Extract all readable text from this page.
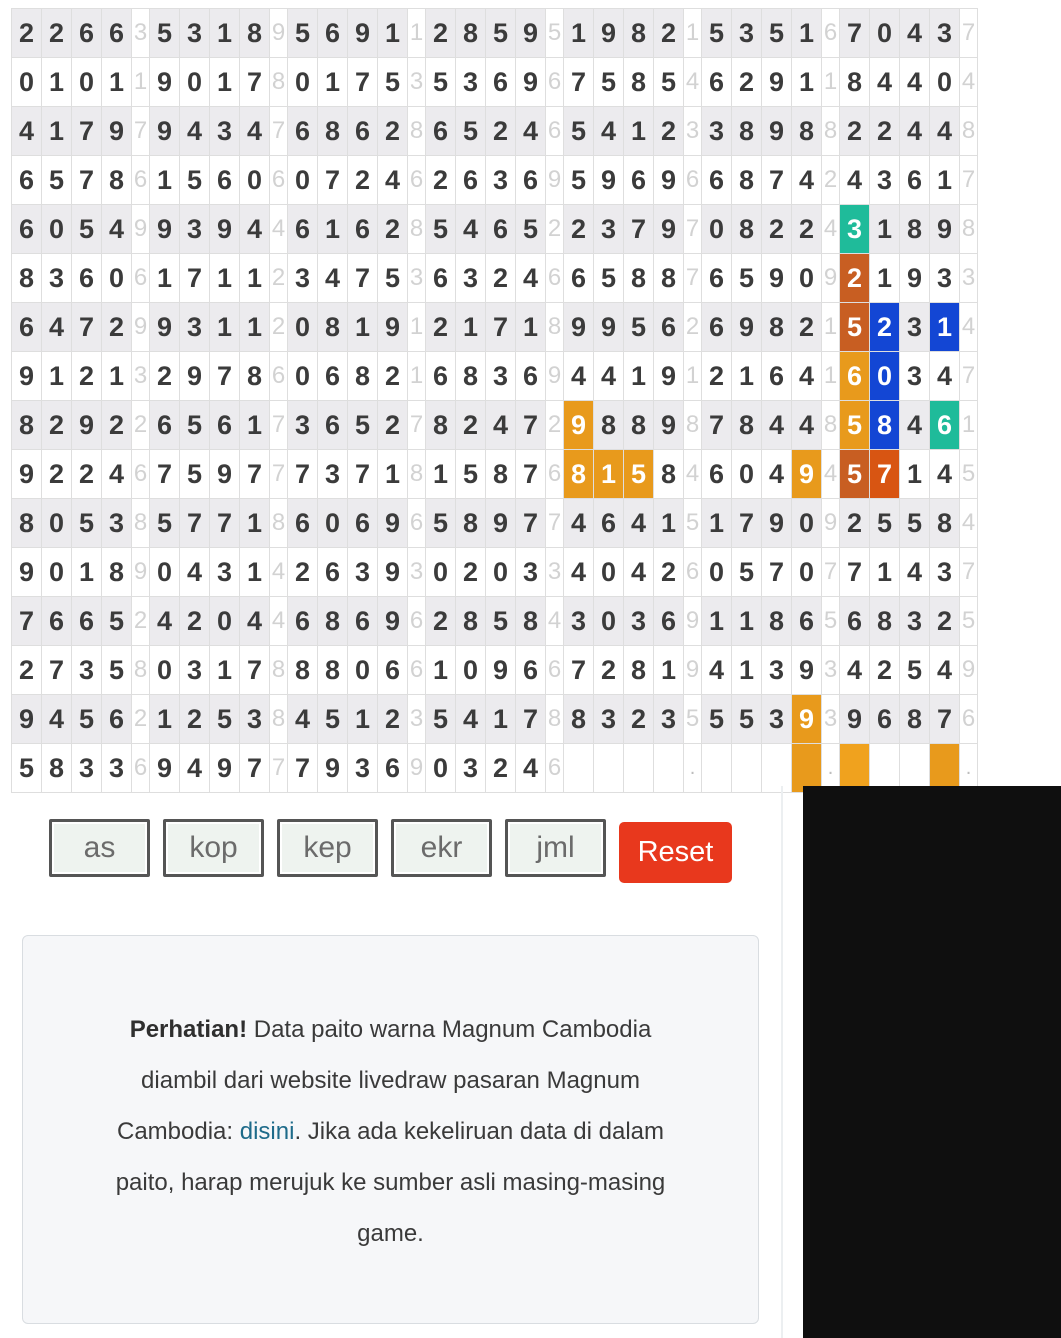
2	2	6	6	3	5	3	1	8	9	5	6	9	1	1	2	8	5	9	5	1	9	8	2	1	5	3	5	1	6	7	0	4	3	7
0	1	0	1	1	9	0	1	7	8	0	1	7	5	3	5	3	6	9	6	7	5	8	5	4	6	2	9	1	1	8	4	4	0	4
4	1	7	9	7	9	4	3	4	7	6	8	6	2	8	6	5	2	4	6	5	4	1	2	3	3	8	9	8	8	2	2	4	4	8
6	5	7	8	6	1	5	6	0	6	0	7	2	4	6	2	6	3	6	9	5	9	6	9	6	6	8	7	4	2	4	3	6	1	7
6	0	5	4	9	9	3	9	4	4	6	1	6	2	8	5	4	6	5	2	2	3	7	9	7	0	8	2	2	4	3	1	8	9	8
8	3	6	0	6	1	7	1	1	2	3	4	7	5	3	6	3	2	4	6	6	5	8	8	7	6	5	9	0	9	2	1	9	3	3
6	4	7	2	9	9	3	1	1	2	0	8	1	9	1	2	1	7	1	8	9	9	5	6	2	6	9	8	2	1	5	2	3	1	4
9	1	2	1	3	2	9	7	8	6	0	6	8	2	1	6	8	3	6	9	4	4	1	9	1	2	1	6	4	1	6	0	3	4	7
8	2	9	2	2	6	5	6	1	7	3	6	5	2	7	8	2	4	7	2	9	8	8	9	8	7	8	4	4	8	5	8	4	6	1
9	2	2	4	6	7	5	9	7	7	7	3	7	1	8	1	5	8	7	6	8	1	5	8	4	6	0	4	9	4	5	7	1	4	5
8	0	5	3	8	5	7	7	1	8	6	0	6	9	6	5	8	9	7	7	4	6	4	1	5	1	7	9	0	9	2	5	5	8	4
9	0	1	8	9	0	4	3	1	4	2	6	3	9	3	0	2	0	3	3	4	0	4	2	6	0	5	7	0	7	7	1	4	3	7
7	6	6	5	2	4	2	0	4	4	6	8	6	9	6	2	8	5	8	4	3	0	3	6	9	1	1	8	6	5	6	8	3	2	5
2	7	3	5	8	0	3	1	7	8	8	8	0	6	6	1	0	9	6	6	7	2	8	1	9	4	1	3	9	3	4	2	5	4	9
9	4	5	6	2	1	2	5	3	8	4	5	1	2	3	5	4	1	7	8	8	3	2	3	5	5	5	3	9	3	9	6	8	7	6
5	8	3	3	6	9	4	9	7	7	7	9	3	6	9	0	3	2	4	6					.					.					.
as	kop	kep	ekr	jml	Reset
Perhatian! Data paito warna Magnum Cambodia diambil dari website livedraw pasaran Magnum Cambodia: disini. Jika ada kekeliruan data di dalam paito, harap merujuk ke sumber asli masing-masing game.
